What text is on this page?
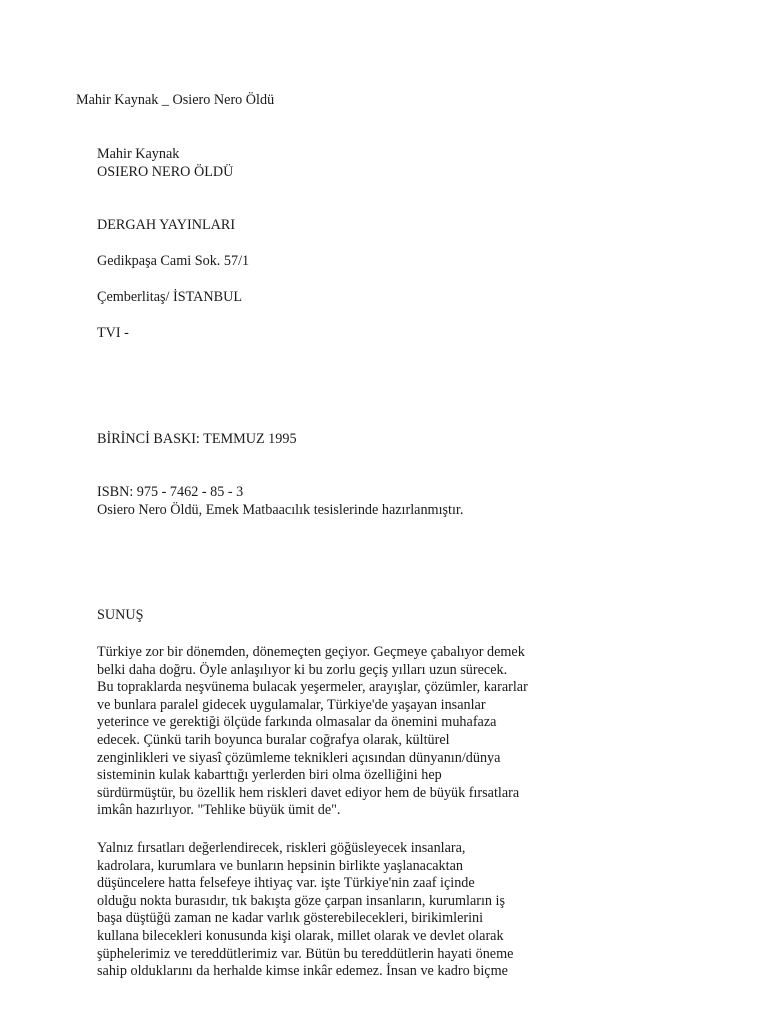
Mahir Kaynak _ Osiero Nero Öldü
Mahir Kaynak
OSIERO NERO ÖLDÜ
DERGAH YAYINLARI
Gedikpaşa Cami Sok. 57/1
Çemberlitaş/ İSTANBUL
TVI -
BİRİNCİ BASKI: TEMMUZ 1995
ISBN: 975 - 7462 - 85 - 3
Osiero Nero Öldü, Emek Matbaacılık tesislerinde hazırlanmıştır.
SUNUŞ
Türkiye zor bir dönemden, dönemeçten geçiyor. Geçmeye çabalıyor demek
belki daha doğru. Öyle anlaşılıyor ki bu zorlu geçiş yılları uzun sürecek.
Bu topraklarda neşvünema bulacak yeşermeler, arayışlar, çözümler, kararlar
ve bunlara paralel gidecek uygulamalar, Türkiye'de yaşayan insanlar
yeterince ve gerektiği ölçüde farkında olmasalar da önemini muhafaza
edecek. Çünkü tarih boyunca buralar coğrafya olarak, kültürel
zenginlikleri ve siyasî çözümleme teknikleri açısından dünyanın/dünya
sisteminin kulak kabarttığı yerlerden biri olma özelliğini hep
sürdürmüştür, bu özellik hem riskleri davet ediyor hem de büyük fırsatlara
imkân hazırlıyor. "Tehlike büyük ümit de".
Yalnız fırsatları değerlendirecek, riskleri göğüsleyecek insanlara,
kadrolara, kurumlara ve bunların hepsinin birlikte yaşlanacaktan
düşüncelere hatta felsefeye ihtiyaç var. işte Türkiye'nin zaaf içinde
olduğu nokta burasıdır, tık bakışta göze çarpan insanların, kurumların iş
başa düştüğü zaman ne kadar varlık gösterebilecekleri, birikimlerini
kullana bilecekleri konusunda kişi olarak, millet olarak ve devlet olarak
şüphelerimiz ve tereddütlerimiz var. Bütün bu tereddütlerin hayati öneme
sahip olduklarını da herhalde kimse inkâr edemez. İnsan ve kadro biçme
